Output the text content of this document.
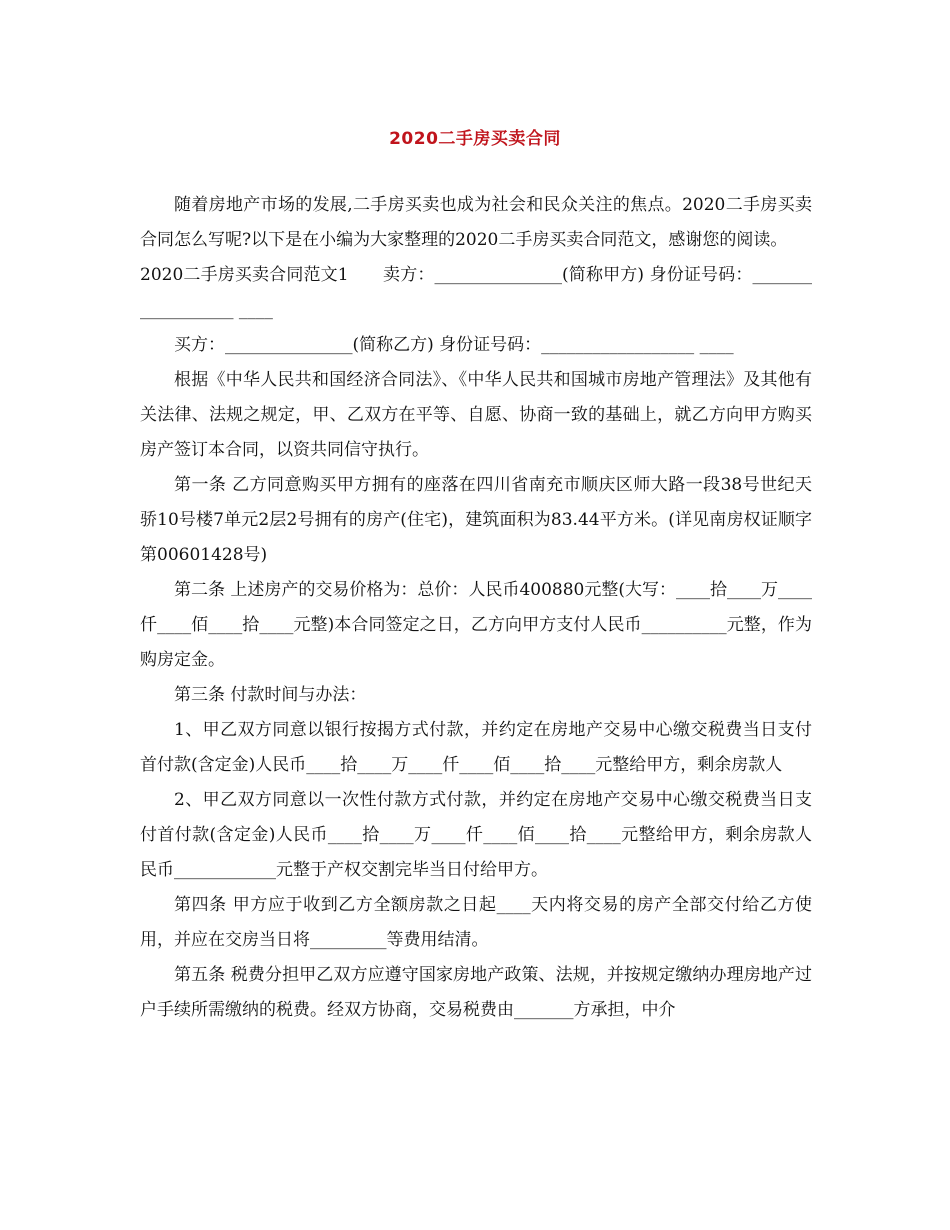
2020二手房买卖合同

随着房地产市场的发展,二手房买卖也成为社会和民众关注的焦点。2020二手房买卖合同怎么写呢?以下是在小编为大家整理的2020二手房买卖合同范文，感谢您的阅读。

2020二手房买卖合同范文1　　卖方：_______________(简称甲方) 身份证号码：__________________ ____

买方：_______________(简称乙方) 身份证号码：__________________ ____

根据《中华人民共和国经济合同法》、《中华人民共和国城市房地产管理法》及其他有关法律、法规之规定，甲、乙双方在平等、自愿、协商一致的基础上，就乙方向甲方购买房产签订本合同，以资共同信守执行。

第一条 乙方同意购买甲方拥有的座落在四川省南充市顺庆区师大路一段38号世纪天骄10号楼7单元2层2号拥有的房产(住宅)，建筑面积为83.44平方米。(详见南房权证顺字第00601428号)

第二条 上述房产的交易价格为：总价：人民币400880元整(大写：____拾____万____仟____佰____拾____元整)本合同签定之日，乙方向甲方支付人民币__________元整，作为购房定金。

第三条 付款时间与办法：

1、甲乙双方同意以银行按揭方式付款，并约定在房地产交易中心缴交税费当日支付首付款(含定金)人民币____拾____万____仟____佰____拾____元整给甲方，剩余房款人

2、甲乙双方同意以一次性付款方式付款，并约定在房地产交易中心缴交税费当日支付首付款(含定金)人民币____拾____万____仟____佰____拾____元整给甲方，剩余房款人民币____________元整于产权交割完毕当日付给甲方。

第四条 甲方应于收到乙方全额房款之日起____天内将交易的房产全部交付给乙方使用，并应在交房当日将_________等费用结清。

第五条 税费分担甲乙双方应遵守国家房地产政策、法规，并按规定缴纳办理房地产过户手续所需缴纳的税费。经双方协商，交易税费由_______方承担，中介
